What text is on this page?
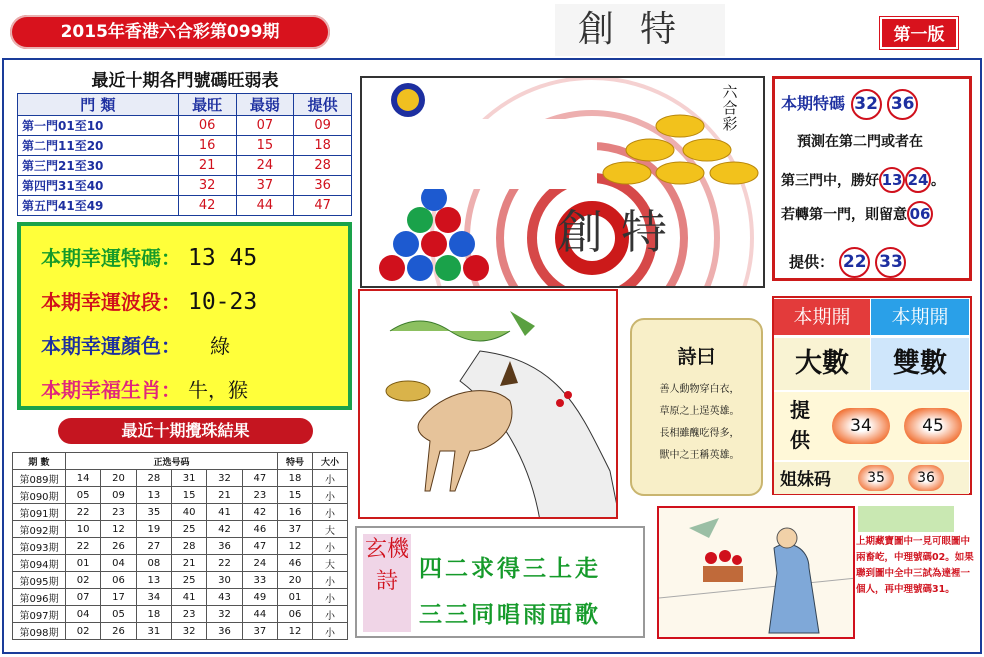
2015年香港六合彩第099期	創特	第一版
最近十期各門號碼旺弱表
門 類	最旺	最弱	提供
第一門01至10	06	07	09
第二門11至20	16	15	18
第三門21至30	21	24	28
第四門31至40	32	37	36
第五門41至49	42	44	47
本期幸運特碼： 13 45
本期幸運波段： 10-23
本期幸運顏色： 綠
本期幸福生肖： 牛，猴
最近十期攪珠結果
期 數	正选号码						特号	大小
第089期	14	20	28	31	32	47	18	小
第090期	05	09	13	15	21	23	15	小
第091期	22	23	35	40	41	42	16	小
第092期	10	12	19	25	42	46	37	大
第093期	22	26	27	28	36	47	12	小
第094期	01	04	08	21	22	24	46	大
第095期	02	06	13	25	30	33	20	小
第096期	07	17	34	41	43	49	01	小
第097期	04	05	18	23	32	44	06	小
第098期	02	26	31	32	36	37	12	小
六合彩
創特
本期特碼 32 36
預測在第二門或者在
第三門中，勝好 13 24 。
若轉第一門，則留意 06
提供： 22 33
詩曰
善人動物穿白衣，
草原之上逞英雄。
長相雖醜吃得多，
獸中之王稱英雄。
本期開	本期開
大數	雙數
提供
34	45
姐妹码	35	36
玄機詩 四二求得三上走
三三同唱雨面歌
上期藏寶圖中一見可眼圖中兩畜屹，中理號碼02。如果聯到圖中全中三試為達裡一個人，再中理號碼31。
